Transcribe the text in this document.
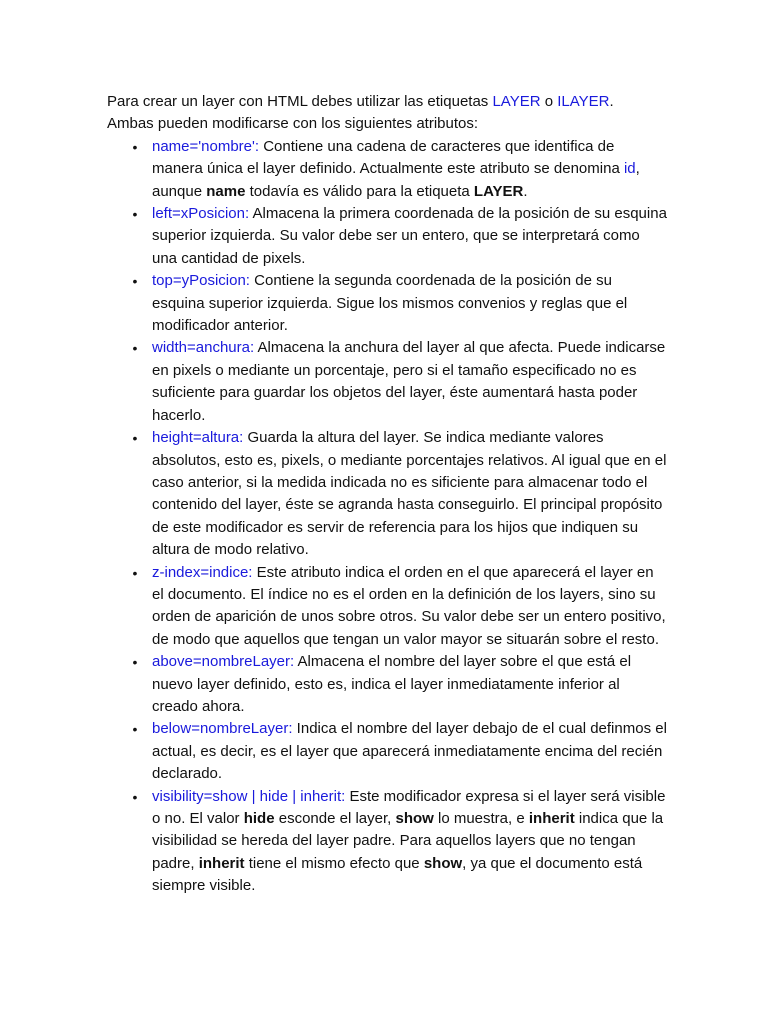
Para crear un layer con HTML debes utilizar las etiquetas LAYER o ILAYER.
Ambas pueden modificarse con los siguientes atributos:

• name='nombre': Contiene una cadena de caracteres que identifica de manera única el layer definido. Actualmente este atributo se denomina id, aunque name todavía es válido para la etiqueta LAYER.
• left=xPosicion: Almacena la primera coordenada de la posición de su esquina superior izquierda. Su valor debe ser un entero, que se interpretará como una cantidad de pixels.
• top=yPosicion: Contiene la segunda coordenada de la posición de su esquina superior izquierda. Sigue los mismos convenios y reglas que el modificador anterior.
• width=anchura: Almacena la anchura del layer al que afecta. Puede indicarse en pixels o mediante un porcentaje, pero si el tamaño especificado no es suficiente para guardar los objetos del layer, éste aumentará hasta poder hacerlo.
• height=altura: Guarda la altura del layer. Se indica mediante valores absolutos, esto es, pixels, o mediante porcentajes relativos. Al igual que en el caso anterior, si la medida indicada no es sificiente para almacenar todo el contenido del layer, éste se agranda hasta conseguirlo. El principal propósito de este modificador es servir de referencia para los hijos que indiquen su altura de modo relativo.
• z-index=indice: Este atributo indica el orden en el que aparecerá el layer en el documento. El índice no es el orden en la definición de los layers, sino su orden de aparición de unos sobre otros. Su valor debe ser un entero positivo, de modo que aquellos que tengan un valor mayor se situarán sobre el resto.
• above=nombreLayer: Almacena el nombre del layer sobre el que está el nuevo layer definido, esto es, indica el layer inmediatamente inferior al creado ahora.
• below=nombreLayer: Indica el nombre del layer debajo de el cual definmos el actual, es decir, es el layer que aparecerá inmediatamente encima del recién declarado.
• visibility=show | hide | inherit: Este modificador expresa si el layer será visible o no. El valor hide esconde el layer, show lo muestra, e inherit indica que la visibilidad se hereda del layer padre. Para aquellos layers que no tengan padre, inherit tiene el mismo efecto que show, ya que el documento está siempre visible.
